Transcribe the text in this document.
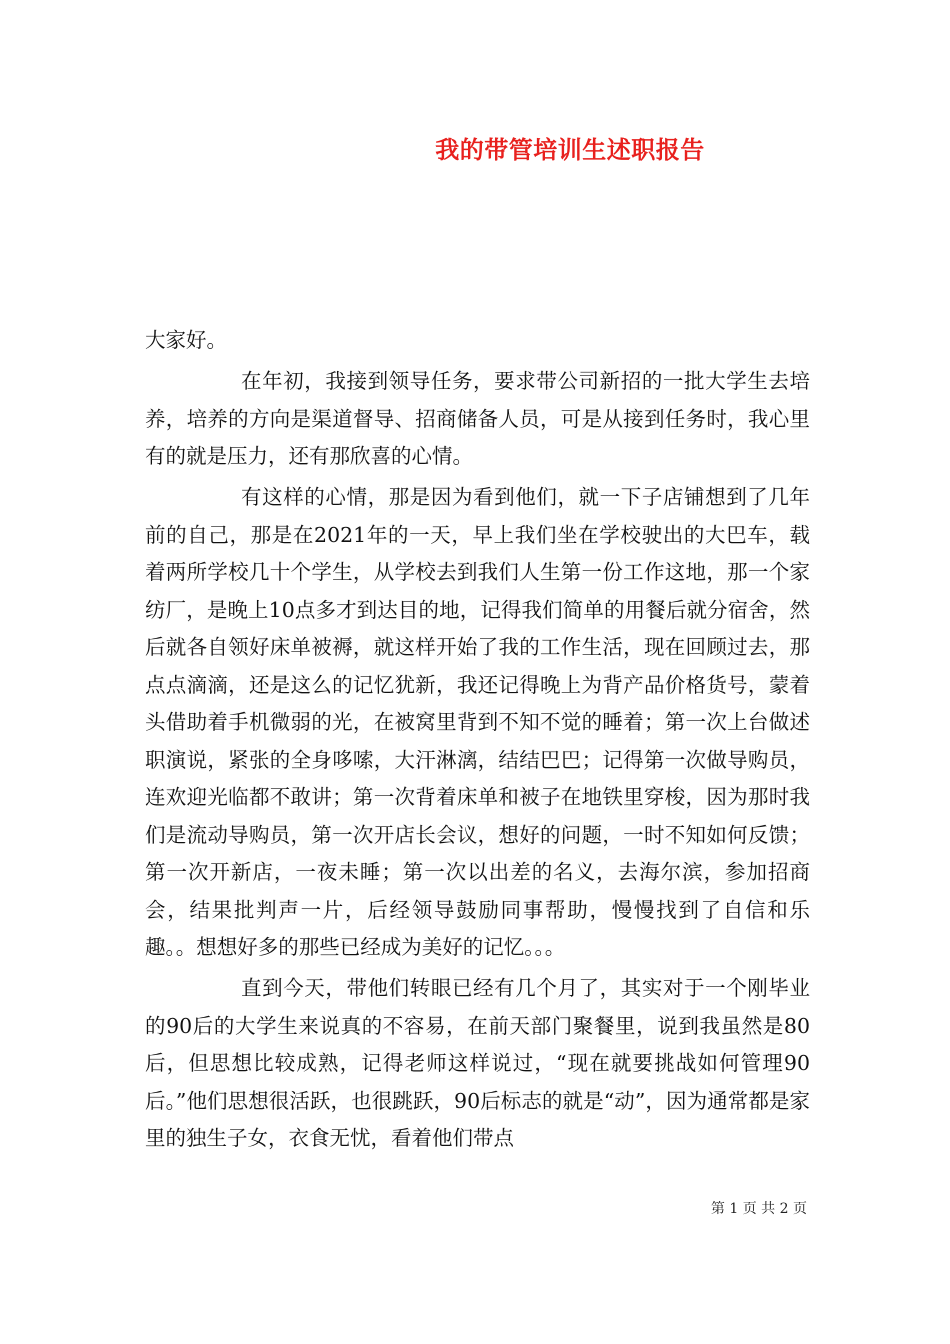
我的带管培训生述职报告

大家好。

在年初，我接到领导任务，要求带公司新招的一批大学生去培养，培养的方向是渠道督导、招商储备人员，可是从接到任务时，我心里有的就是压力，还有那欣喜的心情。

有这样的心情，那是因为看到他们，就一下子店铺想到了几年前的自己，那是在2021年的一天，早上我们坐在学校驶出的大巴车，载着两所学校几十个学生，从学校去到我们人生第一份工作这地，那一个家纺厂，是晚上10点多才到达目的地，记得我们简单的用餐后就分宿舍，然后就各自领好床单被褥，就这样开始了我的工作生活，现在回顾过去，那点点滴滴，还是这么的记忆犹新，我还记得晚上为背产品价格货号，蒙着头借助着手机微弱的光，在被窝里背到不知不觉的睡着；第一次上台做述职演说，紧张的全身哆嗦，大汗淋漓，结结巴巴；记得第一次做导购员，连欢迎光临都不敢讲；第一次背着床单和被子在地铁里穿梭，因为那时我们是流动导购员，第一次开店长会议，想好的问题，一时不知如何反馈；第一次开新店，一夜未睡；第一次以出差的名义，去海尔滨，参加招商会，结果批判声一片，后经领导鼓励同事帮助，慢慢找到了自信和乐趣。。想想好多的那些已经成为美好的记忆。。。

直到今天，带他们转眼已经有几个月了，其实对于一个刚毕业的90后的大学生来说真的不容易，在前天部门聚餐里，说到我虽然是80后，但思想比较成熟，记得老师这样说过，“现在就要挑战如何管理90后。”他们思想很活跃，也很跳跃，90后标志的就是“动”，因为通常都是家里的独生子女，衣食无忧，看着他们带点

第 1 页 共 2 页
